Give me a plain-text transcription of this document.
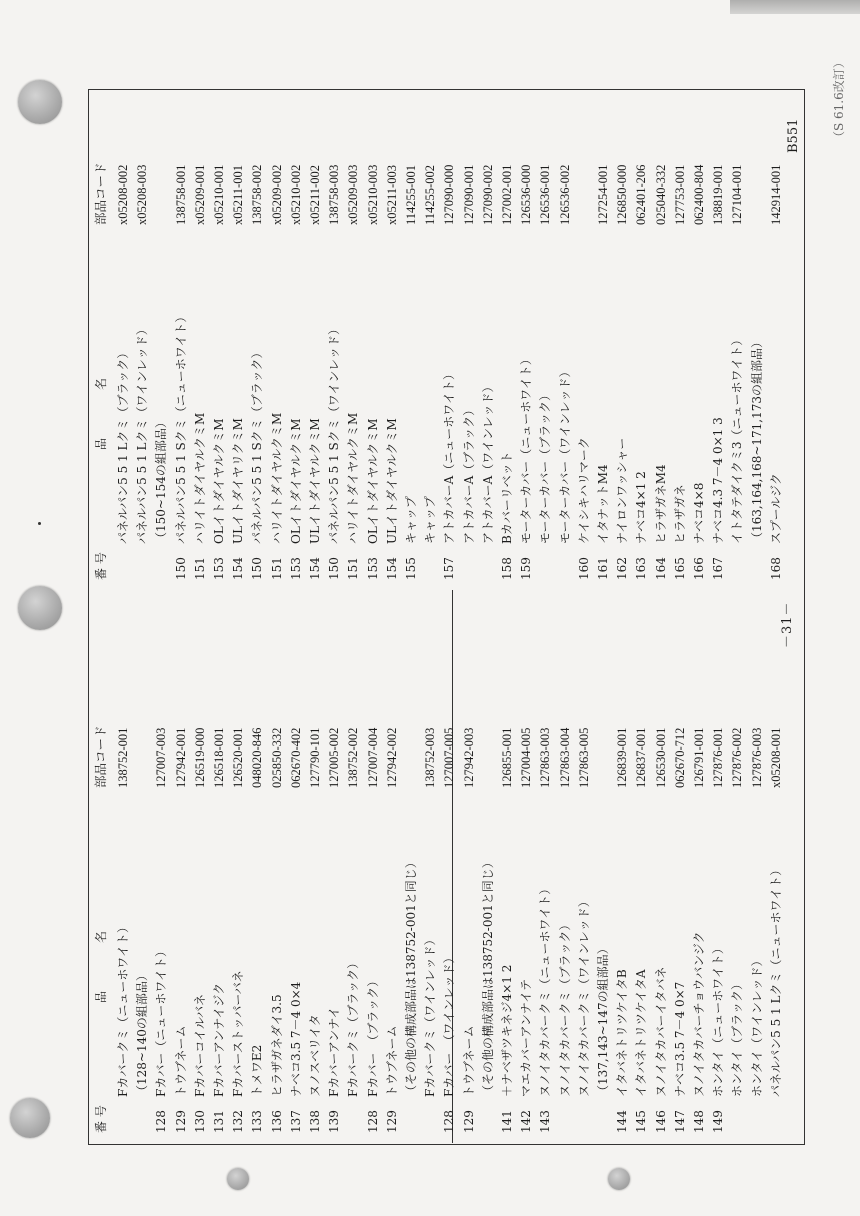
番 号
品　　　　名
部品コード
Fカバークミ（ニューホワイト）
138752-001
（128~140の組部品）
128
Fカバー（ニューホワイト）
127007-003
129
トウブネーム
127942-001
130
Fカバーコイルバネ
126519-000
131
Fカバーアンナイジク
126518-001
132
Fカバーストッパーバネ
126520-001
133
トメワE2
048020-846
136
ヒラザガネダイ3.5
025850-332
137
ナベコ3.5 7－4 0×4
062670-402
138
ヌノスベリイタ
127790-101
139
Fカバーアンナイ
127005-002
Fカバークミ（ブラック）
138752-002
128
Fカバー　（ブラック）
127007-004
129
トウブネーム
127942-002
（その他の構成部品は138752-001と同じ） Fカバークミ（ワインレッド）
138752-003
128
Fカバー　（ワインレッド）
127007-005
129
トウブネーム
127942-003
（その他の構成部品は138752-001と同じ）
141
＋ナベザツキネジ4×1 2
126855-001
142
マエカバーアンナイテ
127004-005
143
ヌノイタカバークミ（ニューホワイト）
127863-003
ヌノイタカバークミ（ブラック）
127863-004
ヌノイタカバークミ（ワインレッド）
127863-005
（137,143~147の組部品）
144
イタバネトリツケイタB
126839-001
145
イタバネトリツケイタA
126837-001
146
ヌノイタカバーイタバネ
126530-001
147
ナベコ3.5 7－4 0×7
062670-712
148
ヌノイタカバーチョウバンジク
126791-001
149
ホンタイ（ニューホワイト）
127876-001
ホンタイ（ブラック）
127876-002
ホンタイ（ワインレッド）
127876-003
パネルパン5 5 1 Lクミ（ニューホワイト）
x05208-001
番 号
品　　　　名
部品コード
パネルパン5 5 1 Lクミ（ブラック）
x05208-002
パネルパン5 5 1 Lクミ（ワインレッド）
x05208-003
（150~154の組部品）
150
パネルパン5 5 1 Sクミ（ニューホワイト）
138758-001
151
ハリイトダイヤルクミM
x05209-001
153
OLイトダイヤルクミM
x05210-001
154
ULイトダイヤリクミM
x05211-001
150
パネルパン5 5 1 Sクミ（ブラック）
138758-002
151
ハリイトダイヤルクミM
x05209-002
153
OLイトダイヤルクミM
x05210-002
154
ULイトダイヤルクミM
x05211-002
150
パネルパン5 5 1 Sクミ（ワインレッド）
138758-003
151
ハリイトダイヤルクミM
x05209-003
153
OLイトダイヤルクミM
x05210-003
154
ULイトダイヤルクミM
x05211-003
155
キャップ
114255-001
キャップ
114255-002
157
アトカバーA（ニューホワイト）
127090-000
アトカバーA（ブラック）
127090-001
アトカバーA（ワインレッド）
127090-002
158
Bカバーリベット
127002-001
159
モーターカバー（ニューホワイト）
126536-000
モーターカバー（ブラック）
126536-001
モーターカバー（ワインレッド）
126536-002
160
ケイシキハリマーク
161
イタナットM4
127254-001
162
ナイロンワッシャー
126850-000
163
ナベコ4×1 2
062401-206
164
ヒラザガネM4
025040-332
165
ヒラザガネ
127753-001
166
ナベコ4×8
062400-804
167
ナベコ4.3 7－4 0×1 3
138819-001
イトタテダイクミ3（ニューホワイト）
127104-001
（163,164,168~171,173の組部品）
168
スプールジク
142914-001
－31－
B551	（S 61.6改訂）
